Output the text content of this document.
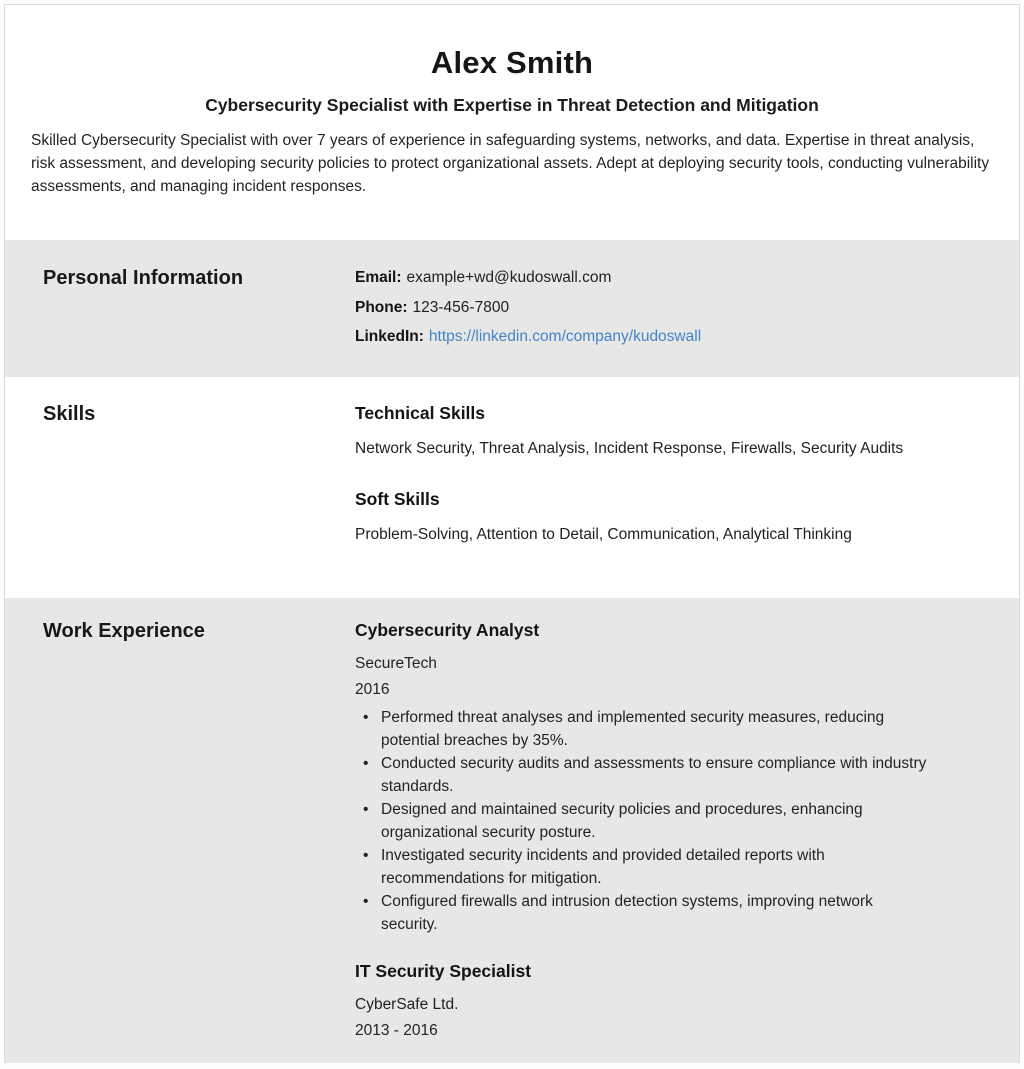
Alex Smith
Cybersecurity Specialist with Expertise in Threat Detection and Mitigation

Skilled Cybersecurity Specialist with over 7 years of experience in safeguarding systems, networks, and data. Expertise in threat analysis, risk assessment, and developing security policies to protect organizational assets. Adept at deploying security tools, conducting vulnerability assessments, and managing incident responses.

Personal Information	Email: example+wd@kudoswall.com
Phone: 123-456-7800
LinkedIn: https://linkedin.com/company/kudoswall
Skills	Technical Skills

Network Security, Threat Analysis, Incident Response, Firewalls, Security Audits

Soft Skills

Problem-Solving, Attention to Detail, Communication, Analytical Thinking

Work Experience	Cybersecurity Analyst

SecureTech

2016

• Performed threat analyses and implemented security measures, reducing potential breaches by 35%.
• Conducted security audits and assessments to ensure compliance with industry standards.
• Designed and maintained security policies and procedures, enhancing organizational security posture.
• Investigated security incidents and provided detailed reports with recommendations for mitigation.
• Configured firewalls and intrusion detection systems, improving network security.
IT Security Specialist

CyberSafe Ltd.

2013 - 2016
